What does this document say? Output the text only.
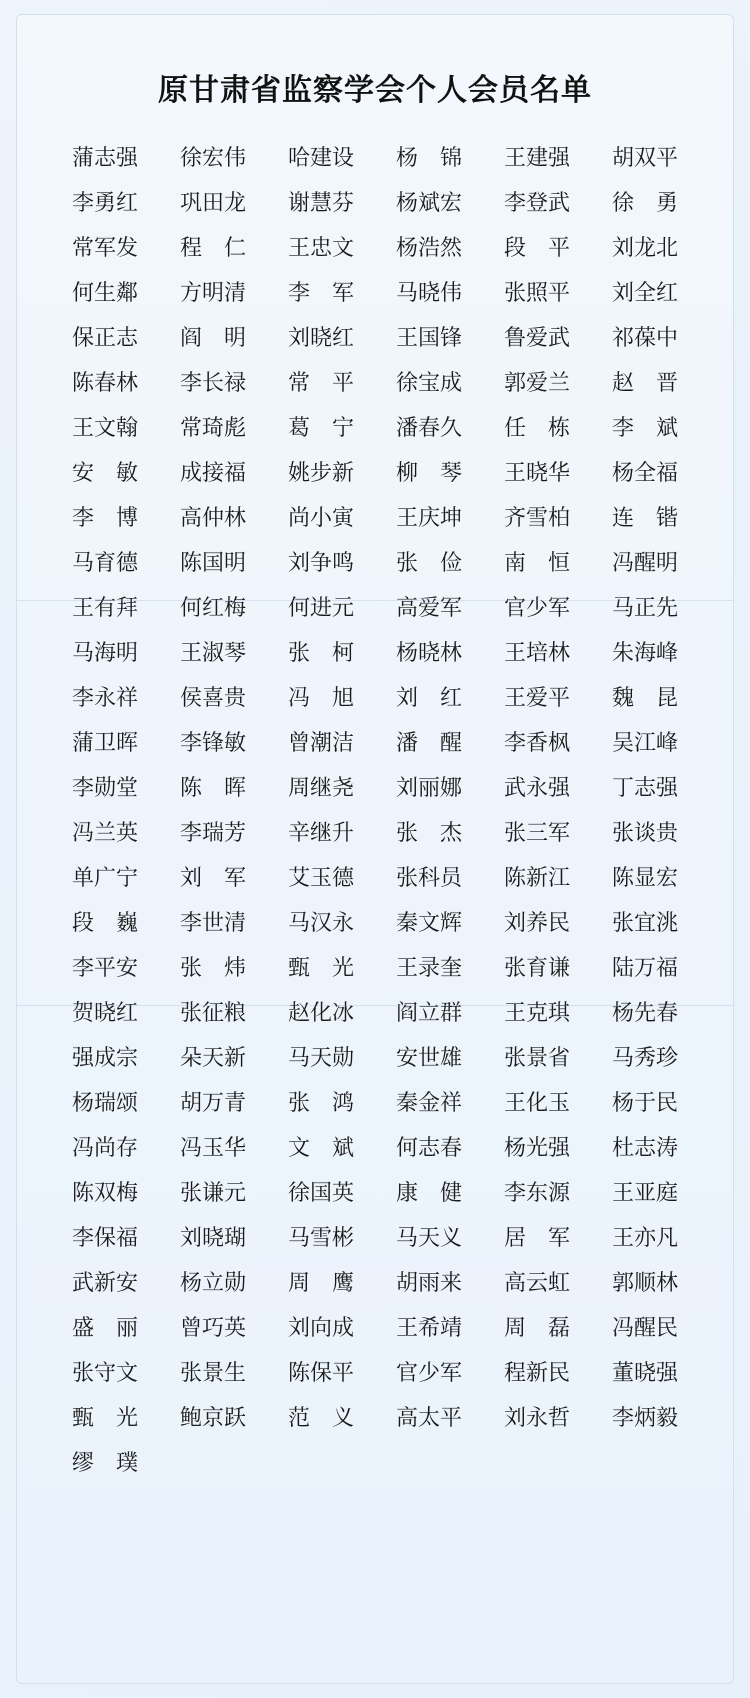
原甘肃省监察学会个人会员名单
蒲志强	徐宏伟	哈建设	杨　锦	王建强	胡双平
李勇红	巩田龙	谢慧芬	杨斌宏	李登武	徐　勇
常军发	程　仁	王忠文	杨浩然	段　平	刘龙北
何生鄰	方明清	李　军	马晓伟	张照平	刘全红
保正志	阎　明	刘晓红	王国锋	鲁爱武	祁葆中
陈春林	李长禄	常　平	徐宝成	郭爱兰	赵　晋
王文翰	常琦彪	葛　宁	潘春久	任　栋	李　斌
安　敏	成接福	姚步新	柳　琴	王晓华	杨全福
李　博	高仲林	尚小寅	王庆坤	齐雪柏	连　锴
马育德	陈国明	刘争鸣	张　俭	南　恒	冯醒明
王有拜	何红梅	何进元	高爱军	官少军	马正先
马海明	王淑琴	张　柯	杨晓林	王培林	朱海峰
李永祥	侯喜贵	冯　旭	刘　红	王爱平	魏　昆
蒲卫晖	李锋敏	曾潮洁	潘　醒	李香枫	吴江峰
李勋堂	陈　晖	周继尧	刘丽娜	武永强	丁志强
冯兰英	李瑞芳	辛继升	张　杰	张三军	张谈贵
单广宁	刘　军	艾玉德	张科员	陈新江	陈显宏
段　巍	李世清	马汉永	秦文辉	刘养民	张宜洮
李平安	张　炜	甄　光	王录奎	张育谦	陆万福
贺晓红	张征粮	赵化冰	阎立群	王克琪	杨先春
强成宗	朵天新	马天勋	安世雄	张景省	马秀珍
杨瑞颂	胡万青	张　鸿	秦金祥	王化玉	杨于民
冯尚存	冯玉华	文　斌	何志春	杨光强	杜志涛
陈双梅	张谦元	徐国英	康　健	李东源	王亚庭
李保福	刘晓瑚	马雪彬	马天义	居　军	王亦凡
武新安	杨立勋	周　鹰	胡雨来	高云虹	郭顺林
盛　丽	曾巧英	刘向成	王希靖	周　磊	冯醒民
张守文	张景生	陈保平	官少军	程新民	董晓强
甄　光	鲍京跃	范　义	高太平	刘永哲	李炳毅
缪　璞
